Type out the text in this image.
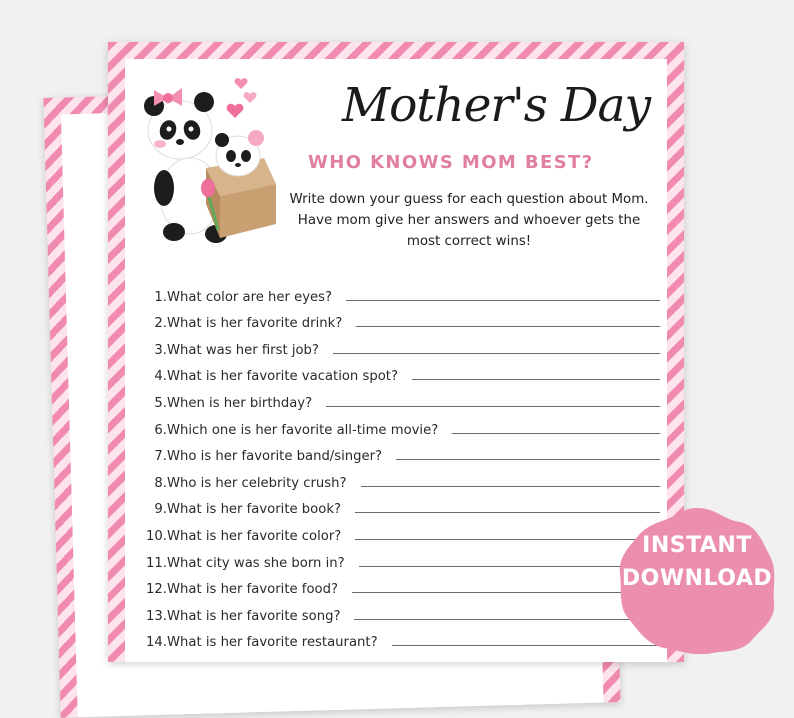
Mother's Day
WHO KNOWS MOM BEST?
Write down your guess for each question about Mom. Have mom give her answers and whoever gets the most correct wins!
1. What color are her eyes?
2. What is her favorite drink?
3. What was her first job?
4. What is her favorite vacation spot?
5. When is her birthday?
6. Which one is her favorite all-time movie?
7. Who is her favorite band/singer?
8. Who is her celebrity crush?
9. What is her favorite book?
10. What is her favorite color?
11. What city was she born in?
12. What is her favorite food?
13. What is her favorite song?
14. What is her favorite restaurant?
INSTANT
DOWNLOAD
